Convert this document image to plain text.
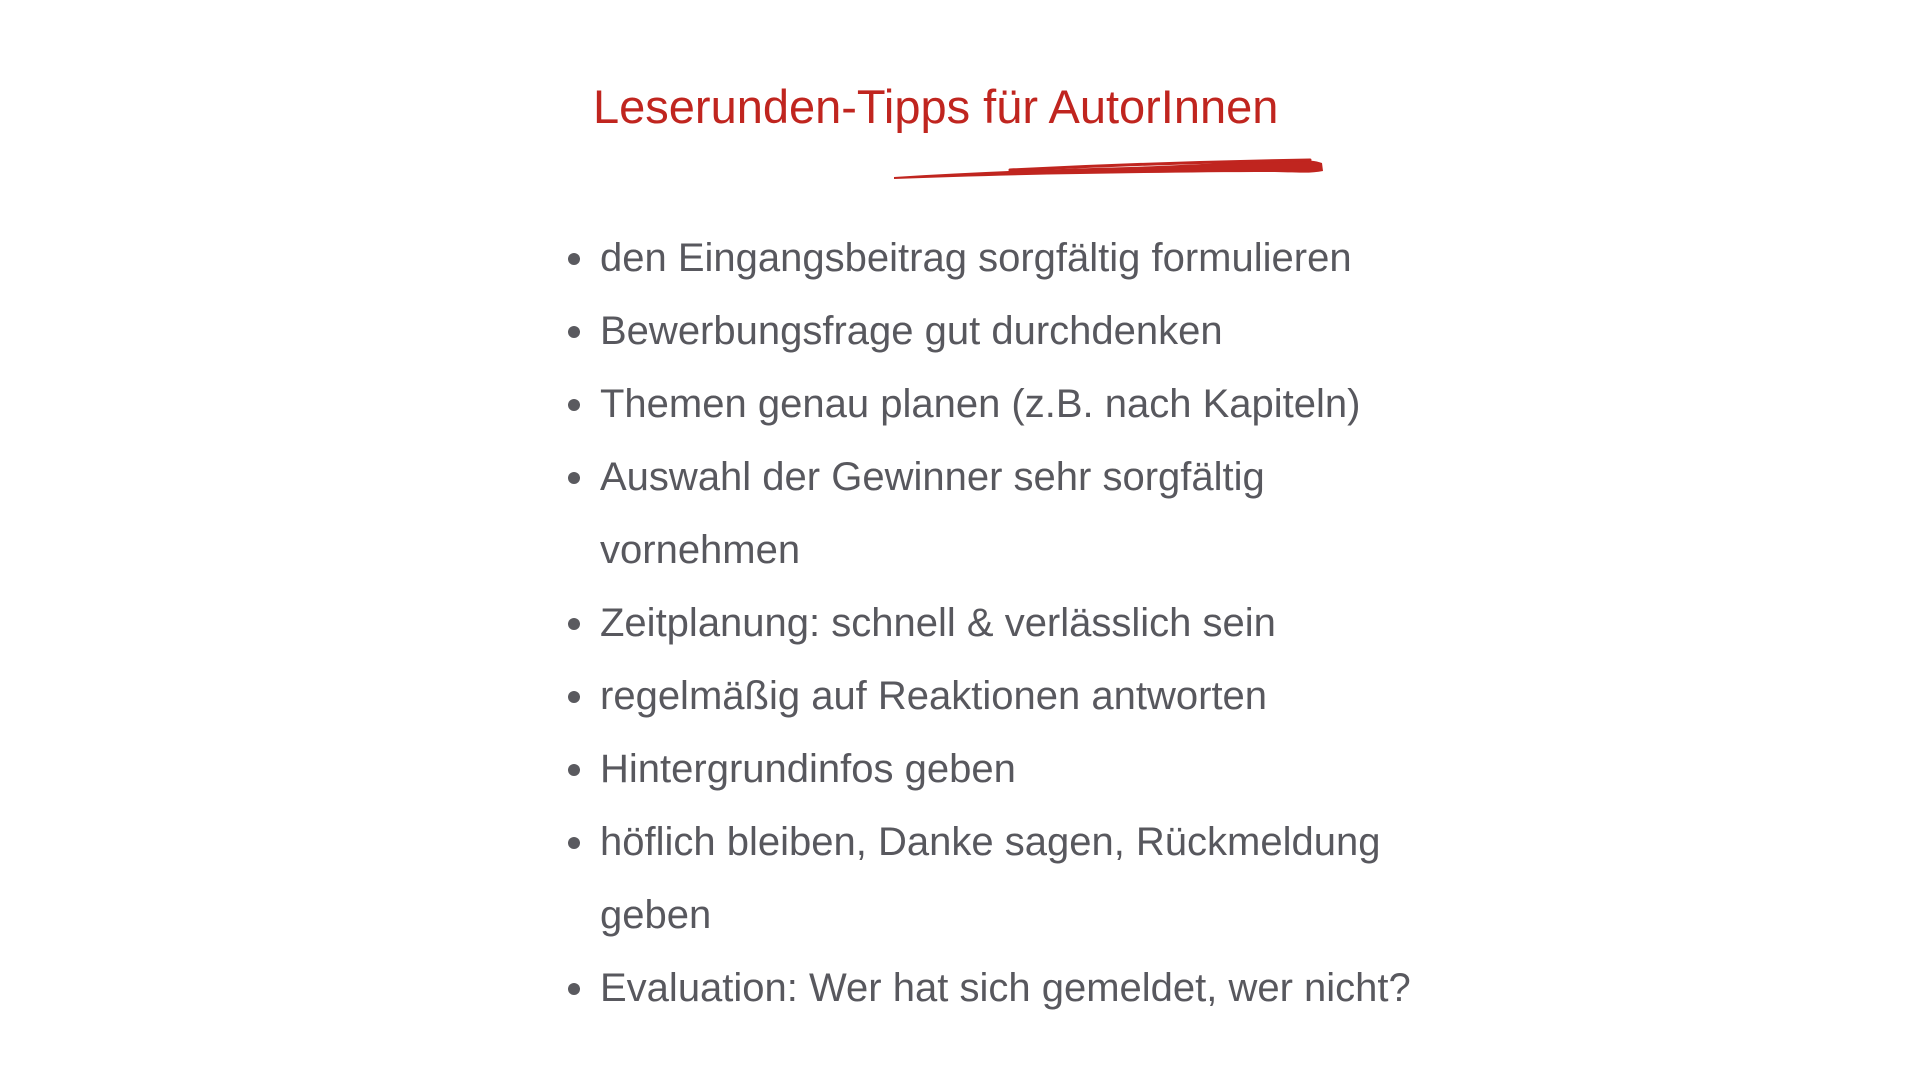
Leserunden-Tipps für AutorInnen
den Eingangsbeitrag sorgfältig formulieren
Bewerbungsfrage gut durchdenken
Themen genau planen (z.B. nach Kapiteln)
Auswahl der Gewinner sehr sorgfältig vornehmen
Zeitplanung: schnell & verlässlich sein
regelmäßig auf Reaktionen antworten
Hintergrundinfos geben
höflich bleiben, Danke sagen, Rückmeldung geben
Evaluation: Wer hat sich gemeldet, wer nicht?
